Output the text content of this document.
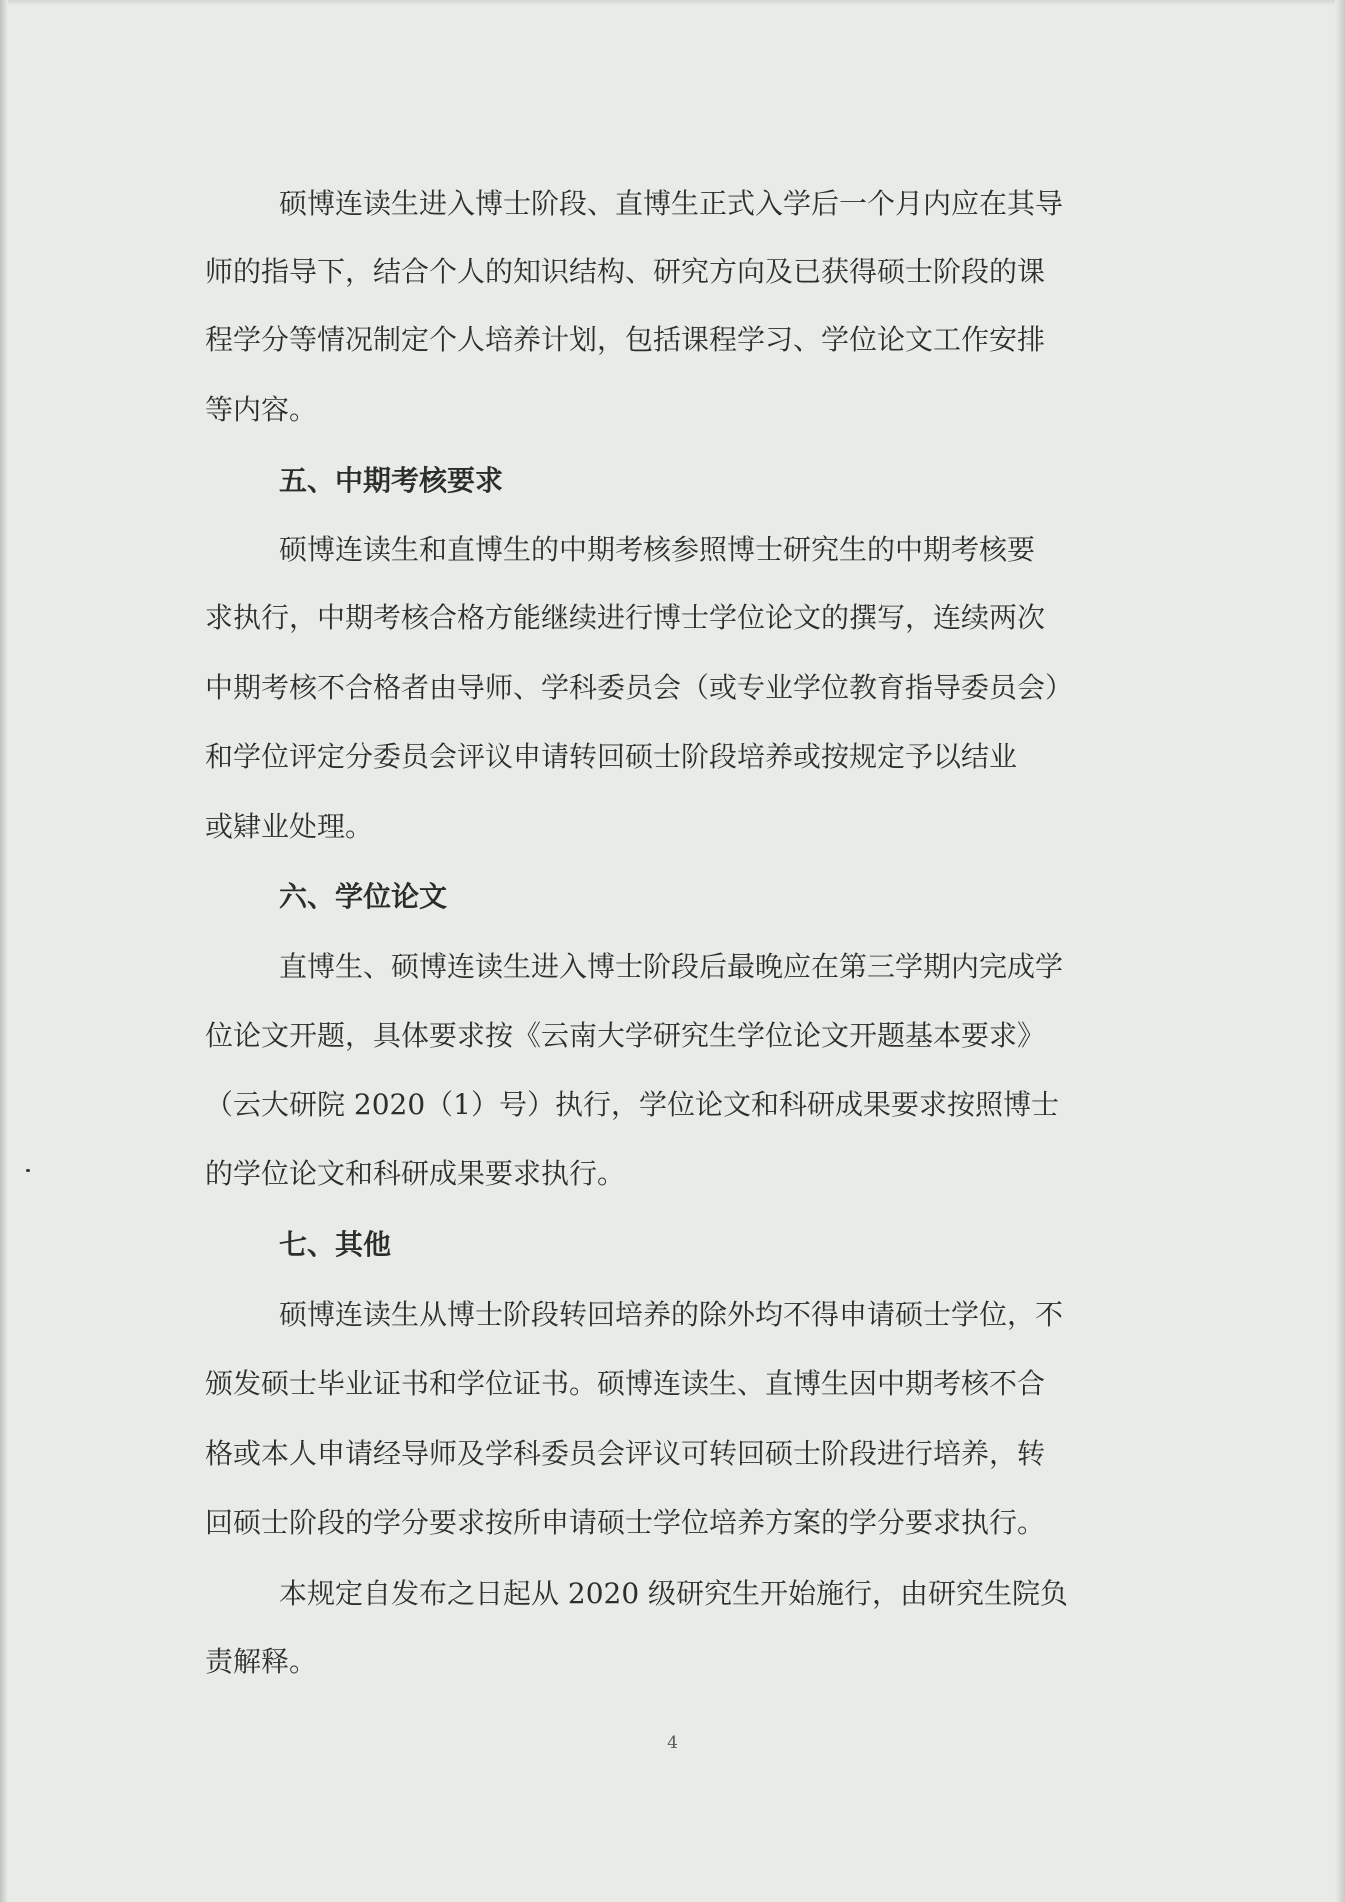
硕博连读生进入博士阶段、直博生正式入学后一个月内应在其导
师的指导下，结合个人的知识结构、研究方向及已获得硕士阶段的课
程学分等情况制定个人培养计划，包括课程学习、学位论文工作安排
等内容。
五、中期考核要求
硕博连读生和直博生的中期考核参照博士研究生的中期考核要
求执行，中期考核合格方能继续进行博士学位论文的撰写，连续两次
中期考核不合格者由导师、学科委员会（或专业学位教育指导委员会）
和学位评定分委员会评议申请转回硕士阶段培养或按规定予以结业
或肄业处理。
六、学位论文
直博生、硕博连读生进入博士阶段后最晚应在第三学期内完成学
位论文开题，具体要求按《云南大学研究生学位论文开题基本要求》
（云大研院 2020（1）号）执行，学位论文和科研成果要求按照博士
的学位论文和科研成果要求执行。
七、其他
硕博连读生从博士阶段转回培养的除外均不得申请硕士学位，不
颁发硕士毕业证书和学位证书。硕博连读生、直博生因中期考核不合
格或本人申请经导师及学科委员会评议可转回硕士阶段进行培养，转
回硕士阶段的学分要求按所申请硕士学位培养方案的学分要求执行。
本规定自发布之日起从 2020 级研究生开始施行，由研究生院负
责解释。
4
